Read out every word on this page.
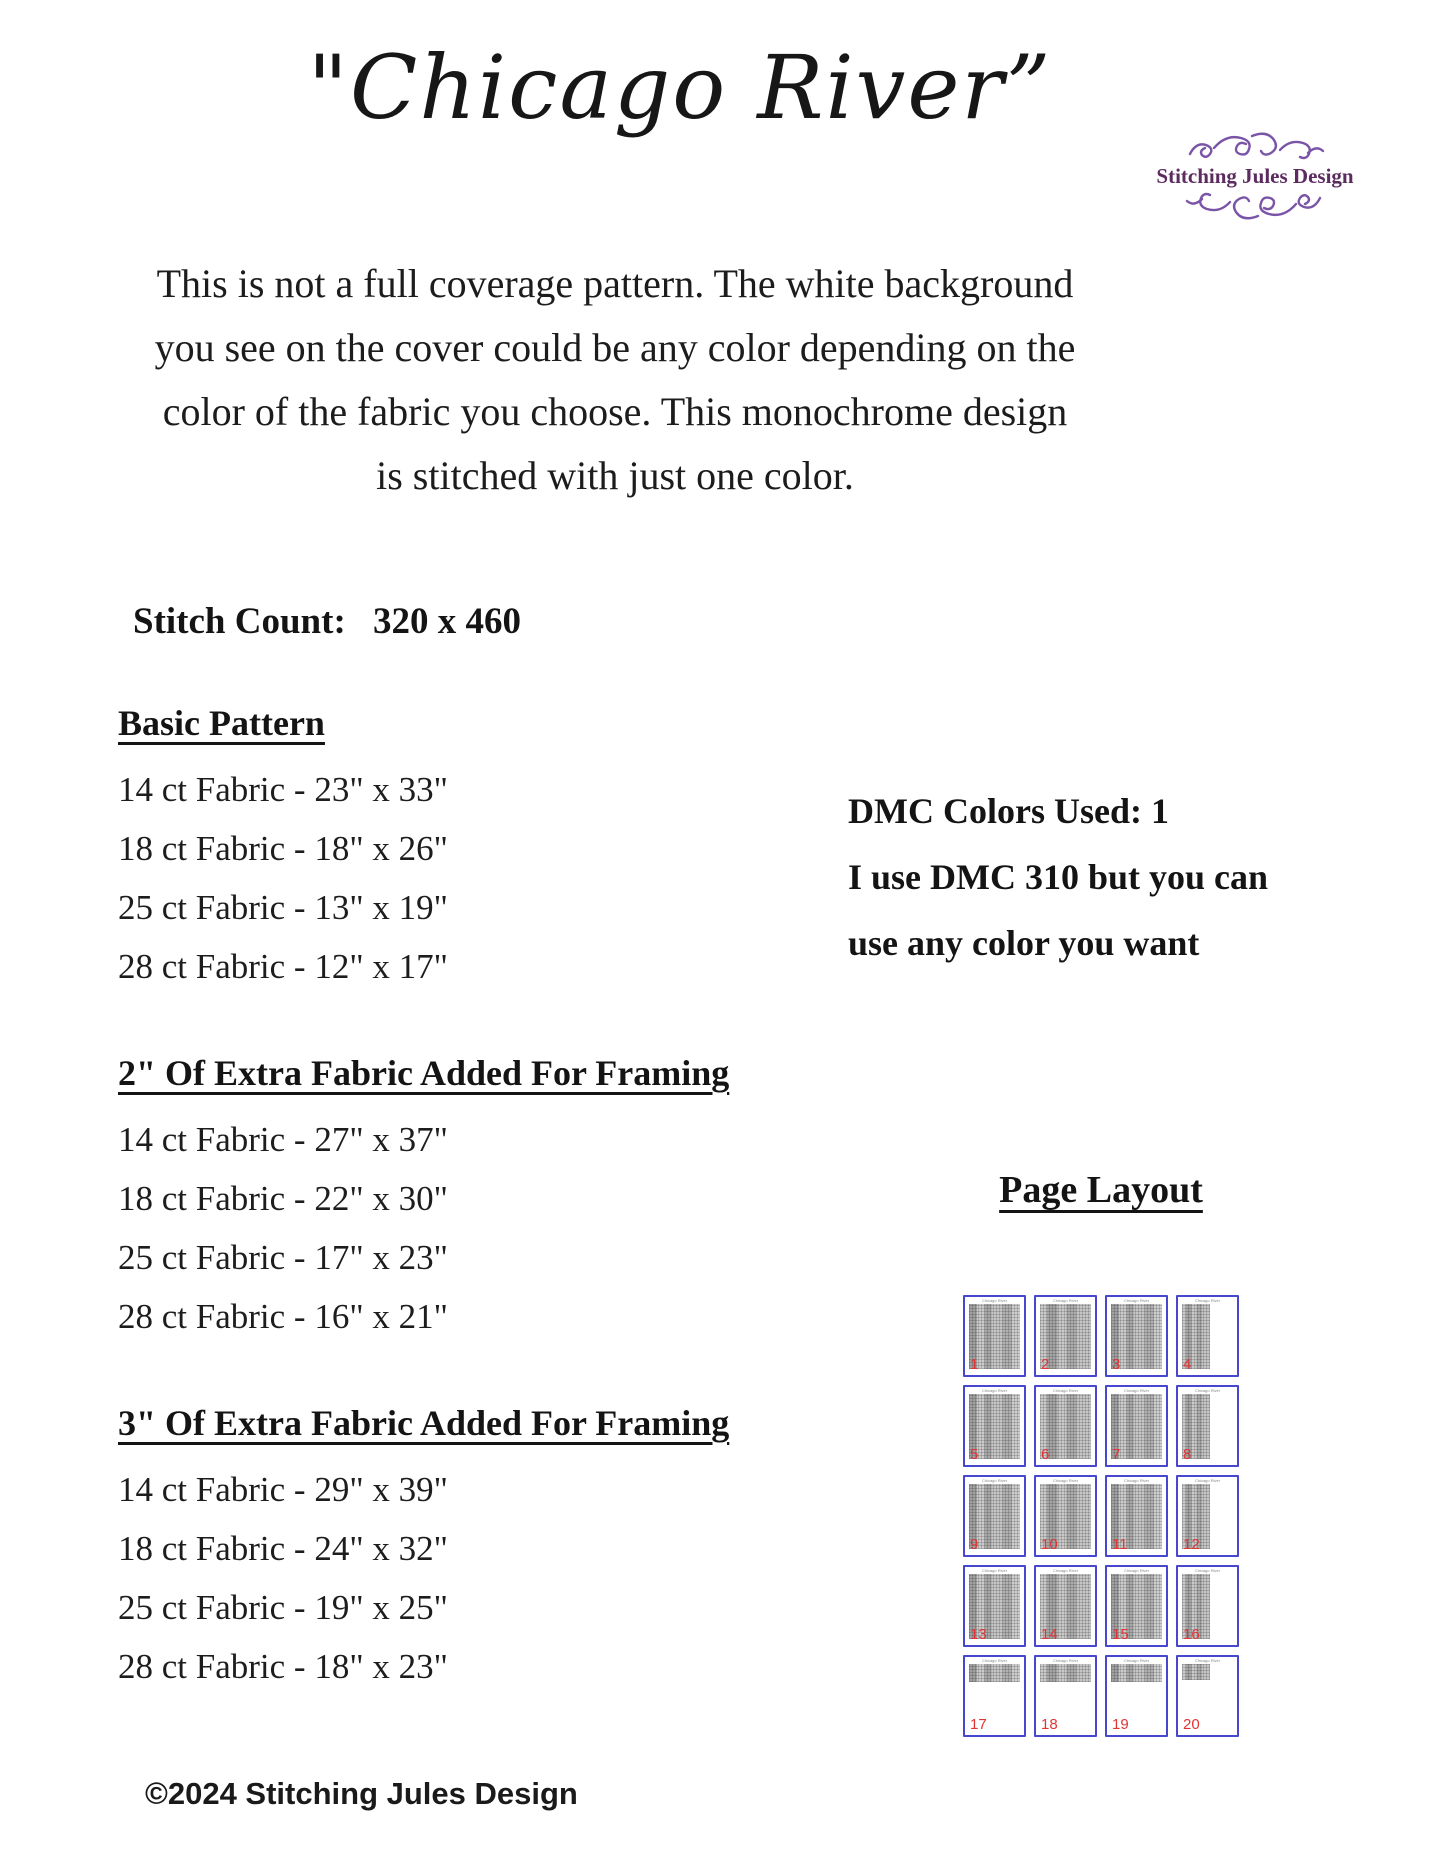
"Chicago River”
Stitching Jules Design
This is not a full coverage pattern. The white background
you see on the cover could be any color depending on the
color of the fabric you choose. This monochrome design
is stitched with just one color.
Stitch Count: 320 x 460
Basic Pattern
14 ct Fabric - 23" x 33"
18 ct Fabric - 18" x 26"
25 ct Fabric - 13" x 19"
28 ct Fabric - 12" x 17"
DMC Colors Used: 1
I use DMC 310 but you can
use any color you want
2" Of Extra Fabric Added For Framing
14 ct Fabric - 27" x 37"
18 ct Fabric - 22" x 30"
25 ct Fabric - 17" x 23"
28 ct Fabric - 16" x 21"
3" Of Extra Fabric Added For Framing
14 ct Fabric - 29" x 39"
18 ct Fabric - 24" x 32"
25 ct Fabric - 19" x 25"
28 ct Fabric - 18" x 23"
Page Layout
Chicago River
1
Chicago River
2
Chicago River
3
Chicago River
4
Chicago River
5
Chicago River
6
Chicago River
7
Chicago River
8
Chicago River
9
Chicago River
10
Chicago River
11
Chicago River
12
Chicago River
13
Chicago River
14
Chicago River
15
Chicago River
16
Chicago River
17
Chicago River
18
Chicago River
19
Chicago River
20
©2024 Stitching Jules Design
